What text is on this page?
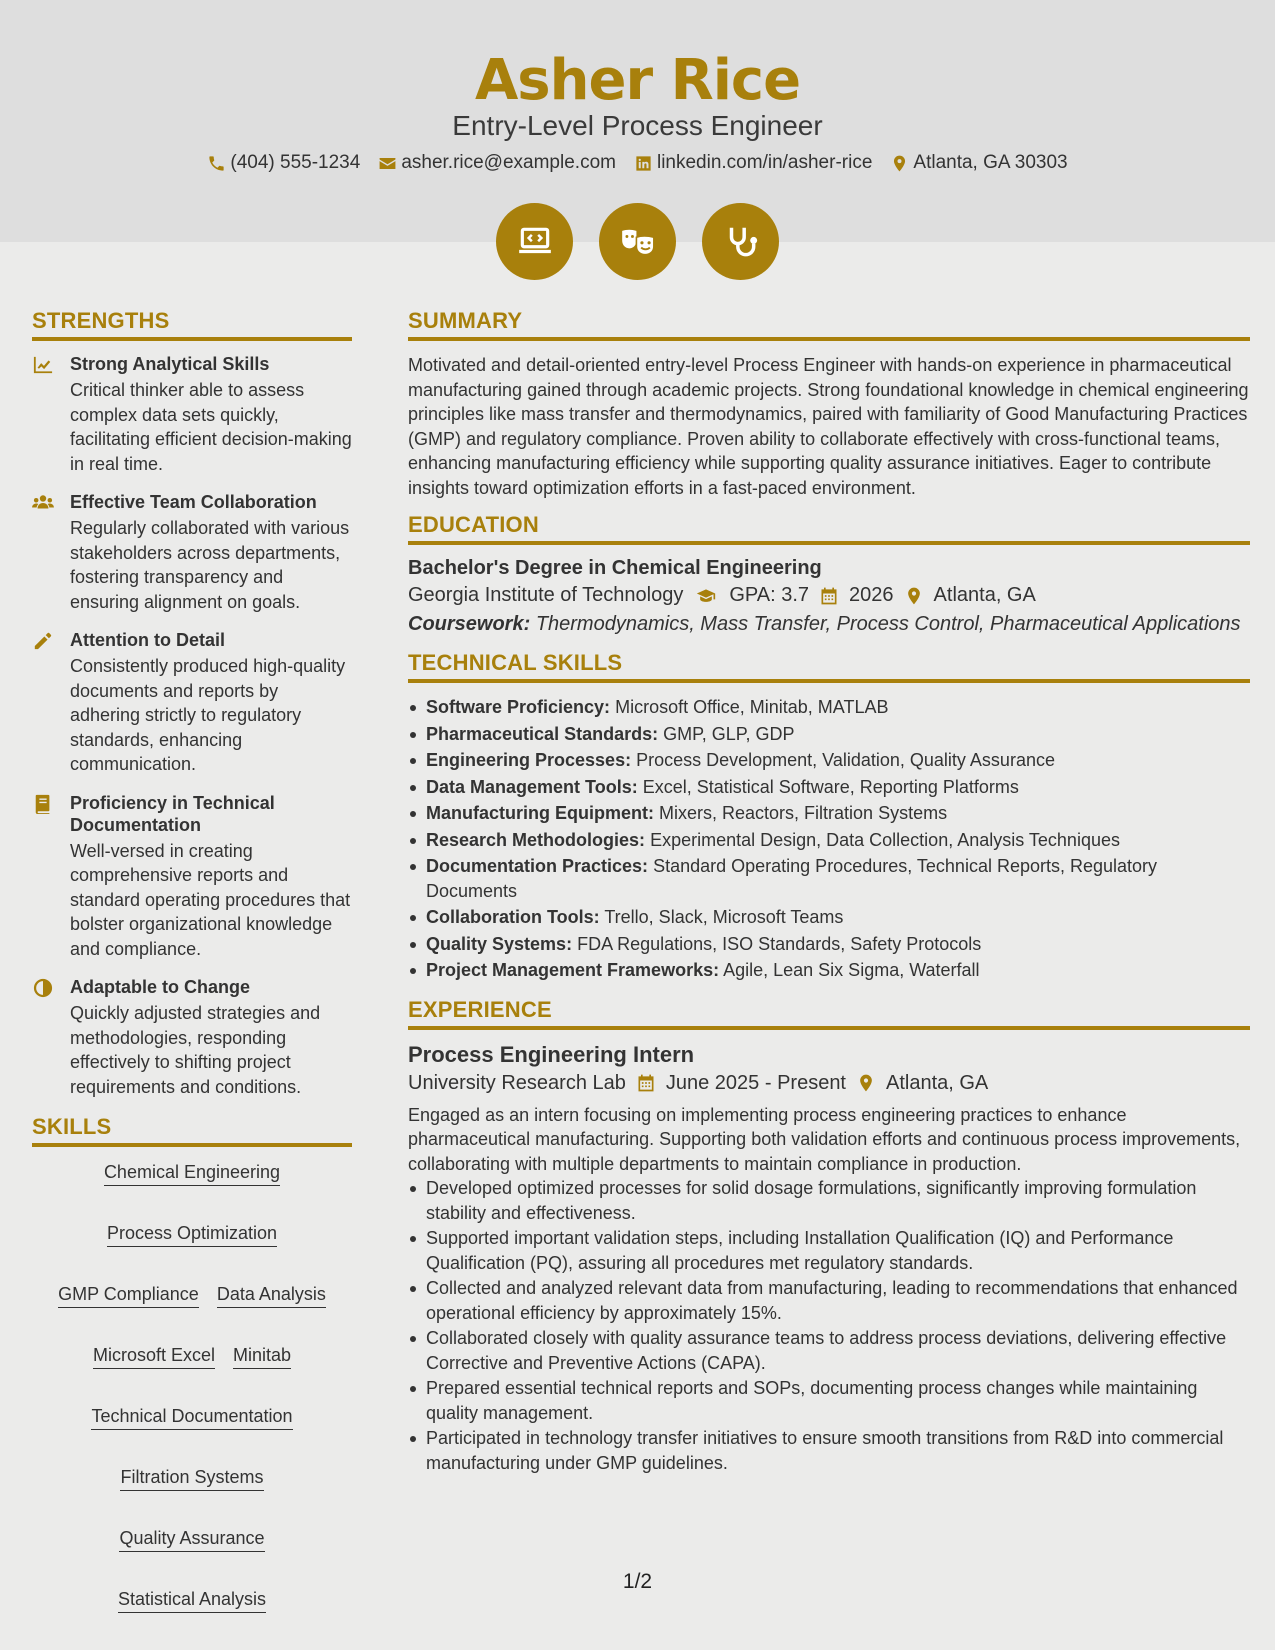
Asher Rice
Entry-Level Process Engineer
(404) 555-1234 asher.rice@example.com linkedin.com/in/asher-rice Atlanta, GA 30303
STRENGTHS
Strong Analytical Skills

Critical thinker able to assess complex data sets quickly, facilitating efficient decision-making in real time.

Effective Team Collaboration

Regularly collaborated with various stakeholders across departments, fostering transparency and ensuring alignment on goals.

Attention to Detail

Consistently produced high-quality documents and reports by adhering strictly to regulatory standards, enhancing communication.

Proficiency in Technical Documentation

Well-versed in creating comprehensive reports and standard operating procedures that bolster organizational knowledge and compliance.

Adaptable to Change

Quickly adjusted strategies and methodologies, responding effectively to shifting project requirements and conditions.

SKILLS
Chemical Engineering
Process Optimization
GMP Compliance Data Analysis
Microsoft Excel Minitab
Technical Documentation
Filtration Systems
Quality Assurance
Statistical Analysis
SUMMARY

Motivated and detail-oriented entry-level Process Engineer with hands-on experience in pharmaceutical manufacturing gained through academic projects. Strong foundational knowledge in chemical engineering principles like mass transfer and thermodynamics, paired with familiarity of Good Manufacturing Practices (GMP) and regulatory compliance. Proven ability to collaborate effectively with cross-functional teams, enhancing manufacturing efficiency while supporting quality assurance initiatives. Eager to contribute insights toward optimization efforts in a fast-paced environment.

EDUCATION
Bachelor's Degree in Chemical Engineering
Georgia Institute of Technology GPA: 3.7 2026 Atlanta, GA
Coursework: Thermodynamics, Mass Transfer, Process Control, Pharmaceutical Applications
TECHNICAL SKILLS
Software Proficiency: Microsoft Office, Minitab, MATLAB
Pharmaceutical Standards: GMP, GLP, GDP
Engineering Processes: Process Development, Validation, Quality Assurance
Data Management Tools: Excel, Statistical Software, Reporting Platforms
Manufacturing Equipment: Mixers, Reactors, Filtration Systems
Research Methodologies: Experimental Design, Data Collection, Analysis Techniques
Documentation Practices: Standard Operating Procedures, Technical Reports, Regulatory Documents
Collaboration Tools: Trello, Slack, Microsoft Teams
Quality Systems: FDA Regulations, ISO Standards, Safety Protocols
Project Management Frameworks: Agile, Lean Six Sigma, Waterfall
EXPERIENCE
Process Engineering Intern
University Research Lab June 2025 - Present Atlanta, GA

Engaged as an intern focusing on implementing process engineering practices to enhance pharmaceutical manufacturing. Supporting both validation efforts and continuous process improvements, collaborating with multiple departments to maintain compliance in production.

Developed optimized processes for solid dosage formulations, significantly improving formulation stability and effectiveness.
Supported important validation steps, including Installation Qualification (IQ) and Performance Qualification (PQ), assuring all procedures met regulatory standards.
Collected and analyzed relevant data from manufacturing, leading to recommendations that enhanced operational efficiency by approximately 15%.
Collaborated closely with quality assurance teams to address process deviations, delivering effective Corrective and Preventive Actions (CAPA).
Prepared essential technical reports and SOPs, documenting process changes while maintaining quality management.
Participated in technology transfer initiatives to ensure smooth transitions from R&D into commercial manufacturing under GMP guidelines.
1/2
